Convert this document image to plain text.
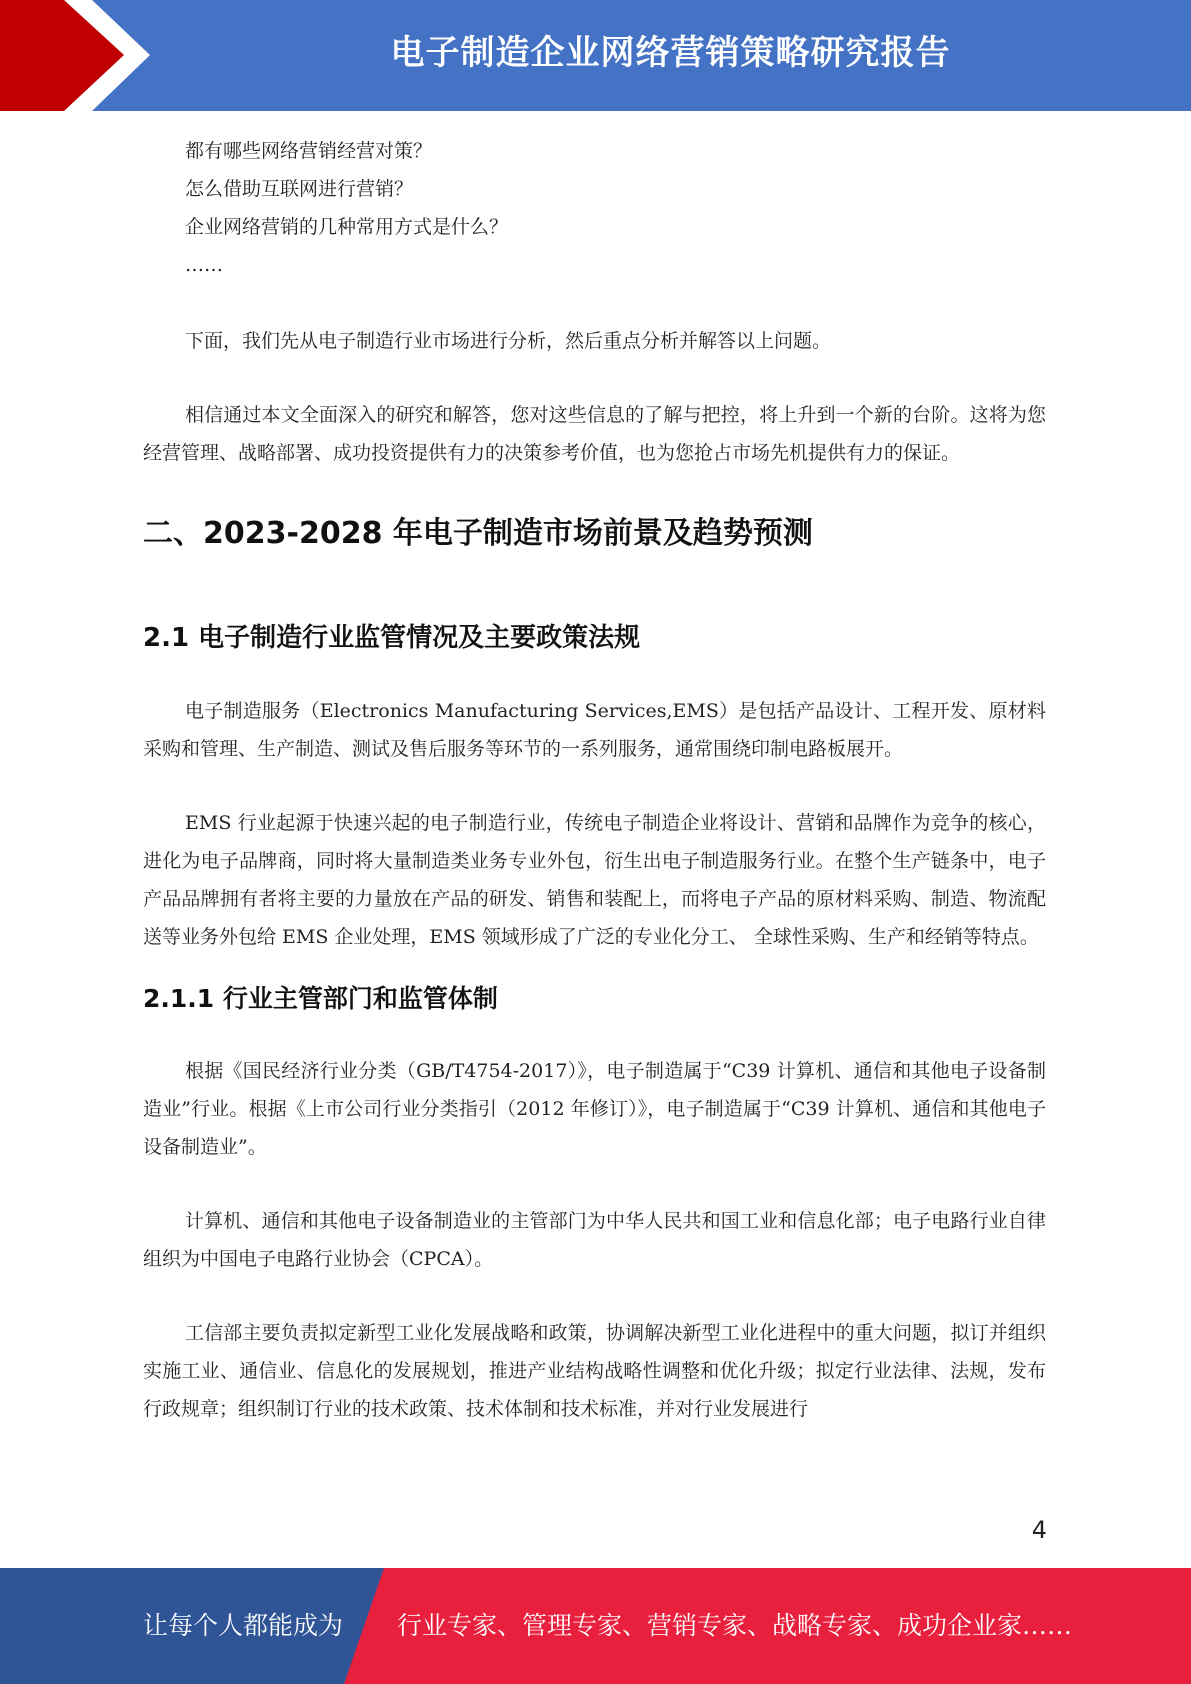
电子制造企业网络营销策略研究报告

都有哪些网络营销经营对策？

怎么借助互联网进行营销？

企业网络营销的几种常用方式是什么？

……

下面，我们先从电子制造行业市场进行分析，然后重点分析并解答以上问题。

相信通过本文全面深入的研究和解答，您对这些信息的了解与把控，将上升到一个新的台阶。这将为您经营管理、战略部署、成功投资提供有力的决策参考价值，也为您抢占市场先机提供有力的保证。

二、2023-2028 年电子制造市场前景及趋势预测
2.1 电子制造行业监管情况及主要政策法规

电子制造服务（Electronics Manufacturing Services,EMS）是包括产品设计、工程开发、原材料采购和管理、生产制造、测试及售后服务等环节的一系列服务，通常围绕印制电路板展开。

EMS 行业起源于快速兴起的电子制造行业，传统电子制造企业将设计、营销和品牌作为竞争的核心，进化为电子品牌商，同时将大量制造类业务专业外包，衍生出电子制造服务行业。在整个生产链条中，电子产品品牌拥有者将主要的力量放在产品的研发、销售和装配上，而将电子产品的原材料采购、制造、物流配送等业务外包给 EMS 企业处理，EMS 领域形成了广泛的专业化分工、 全球性采购、生产和经销等特点。

2.1.1 行业主管部门和监管体制

根据《国民经济行业分类（GB/T4754-2017）》，电子制造属于“C39 计算机、通信和其他电子设备制造业”行业。根据《上市公司行业分类指引（2012 年修订）》，电子制造属于“C39 计算机、通信和其他电子设备制造业”。

计算机、通信和其他电子设备制造业的主管部门为中华人民共和国工业和信息化部；电子电路行业自律组织为中国电子电路行业协会（CPCA）。

工信部主要负责拟定新型工业化发展战略和政策，协调解决新型工业化进程中的重大问题，拟订并组织实施工业、通信业、信息化的发展规划，推进产业结构战略性调整和优化升级；拟定行业法律、法规，发布行政规章；组织制订行业的技术政策、技术体制和技术标准，并对行业发展进行

4
让每个人都能成为 行业专家、管理专家、营销专家、战略专家、成功企业家……
